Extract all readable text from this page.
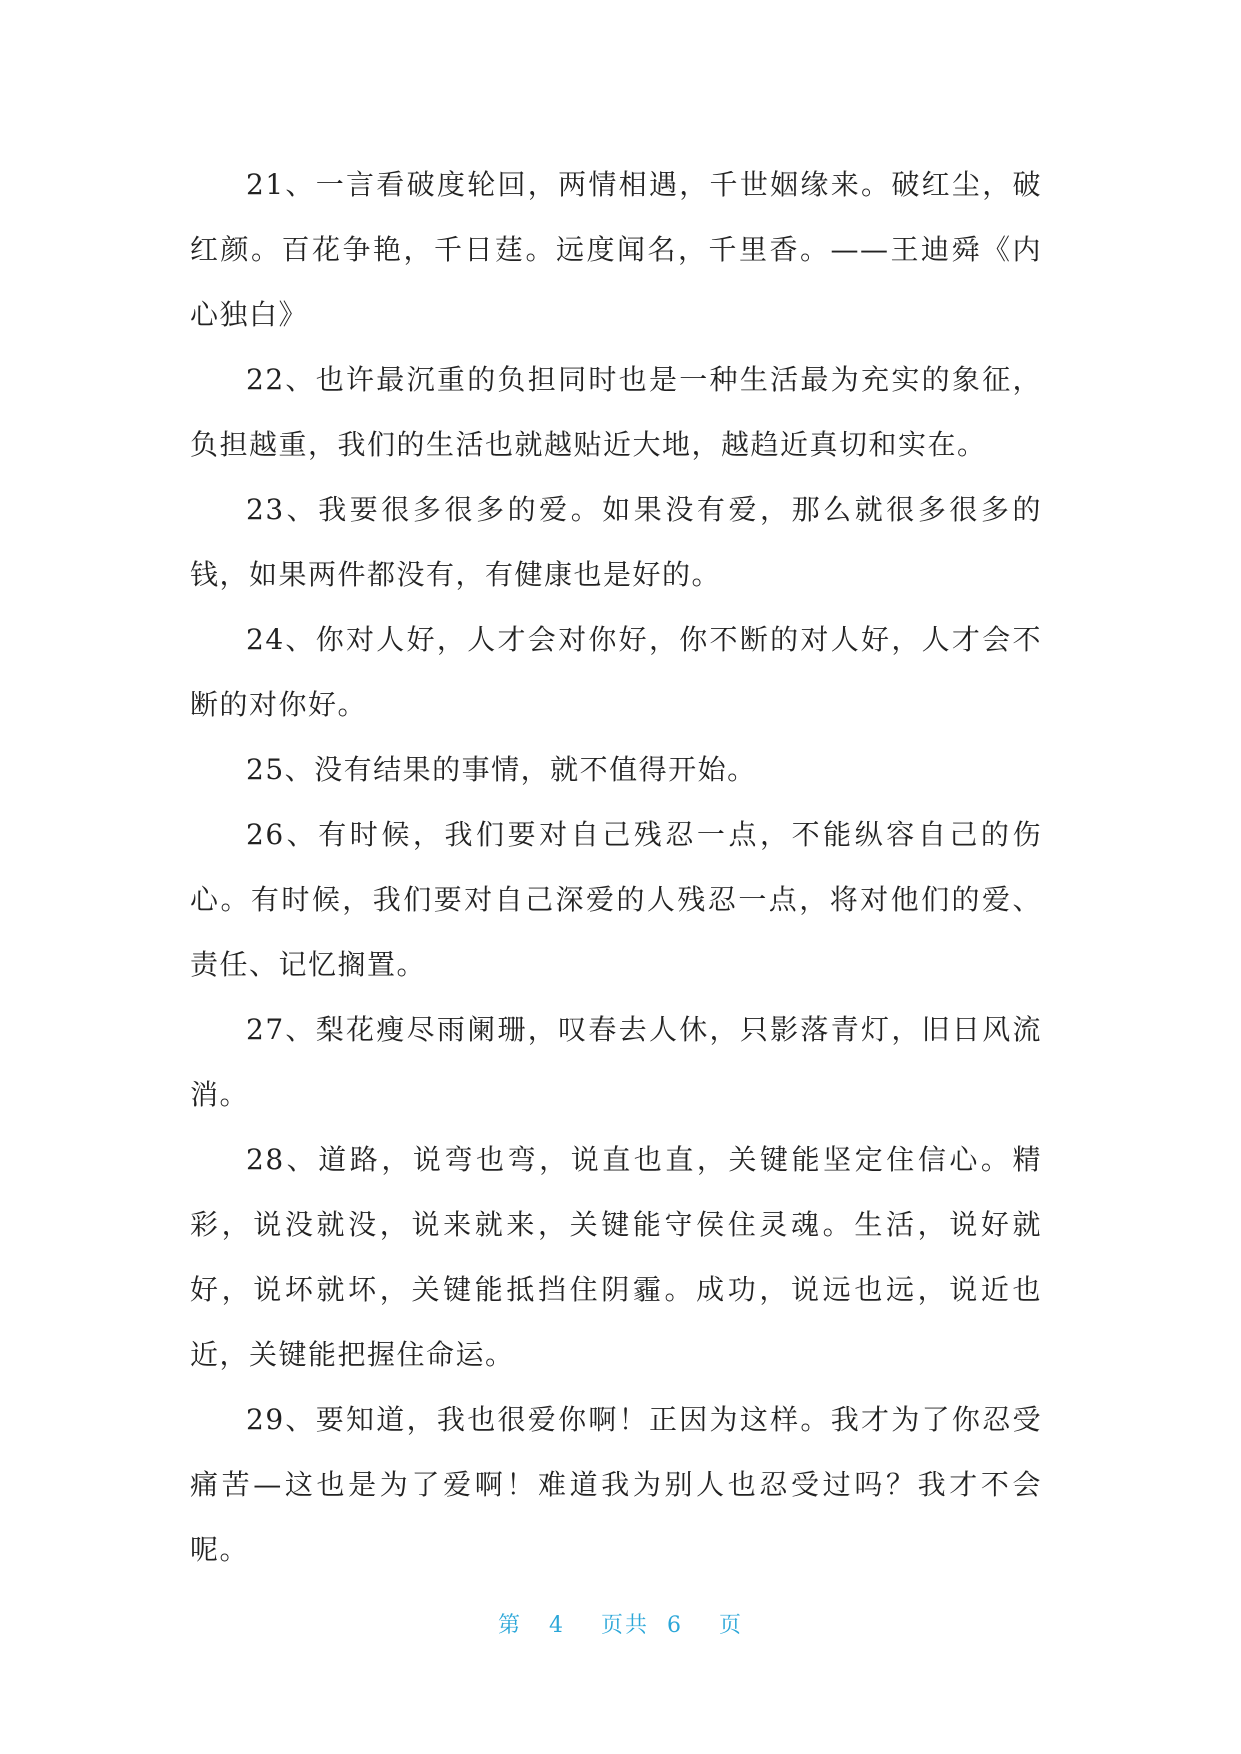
21、一言看破度轮回，两情相遇，千世姻缘来。破红尘，破红颜。百花争艳，千日莛。远度闻名，千里香。——王迪舜《内心独白》

22、也许最沉重的负担同时也是一种生活最为充实的象征，负担越重，我们的生活也就越贴近大地，越趋近真切和实在。

23、我要很多很多的爱。如果没有爱，那么就很多很多的钱，如果两件都没有，有健康也是好的。

24、你对人好，人才会对你好，你不断的对人好，人才会不断的对你好。

25、没有结果的事情，就不值得开始。

26、有时候，我们要对自己残忍一点，不能纵容自己的伤心。有时候，我们要对自己深爱的人残忍一点，将对他们的爱、责任、记忆搁置。

27、梨花瘦尽雨阑珊，叹春去人休，只影落青灯，旧日风流消。

28、道路，说弯也弯，说直也直，关键能坚定住信心。精彩，说没就没，说来就来，关键能守侯住灵魂。生活，说好就好，说坏就坏，关键能抵挡住阴霾。成功，说远也远，说近也近，关键能把握住命运。

29、要知道，我也很爱你啊！正因为这样。我才为了你忍受痛苦—这也是为了爱啊！难道我为别人也忍受过吗？我才不会呢。

第 4 页共 6 页
